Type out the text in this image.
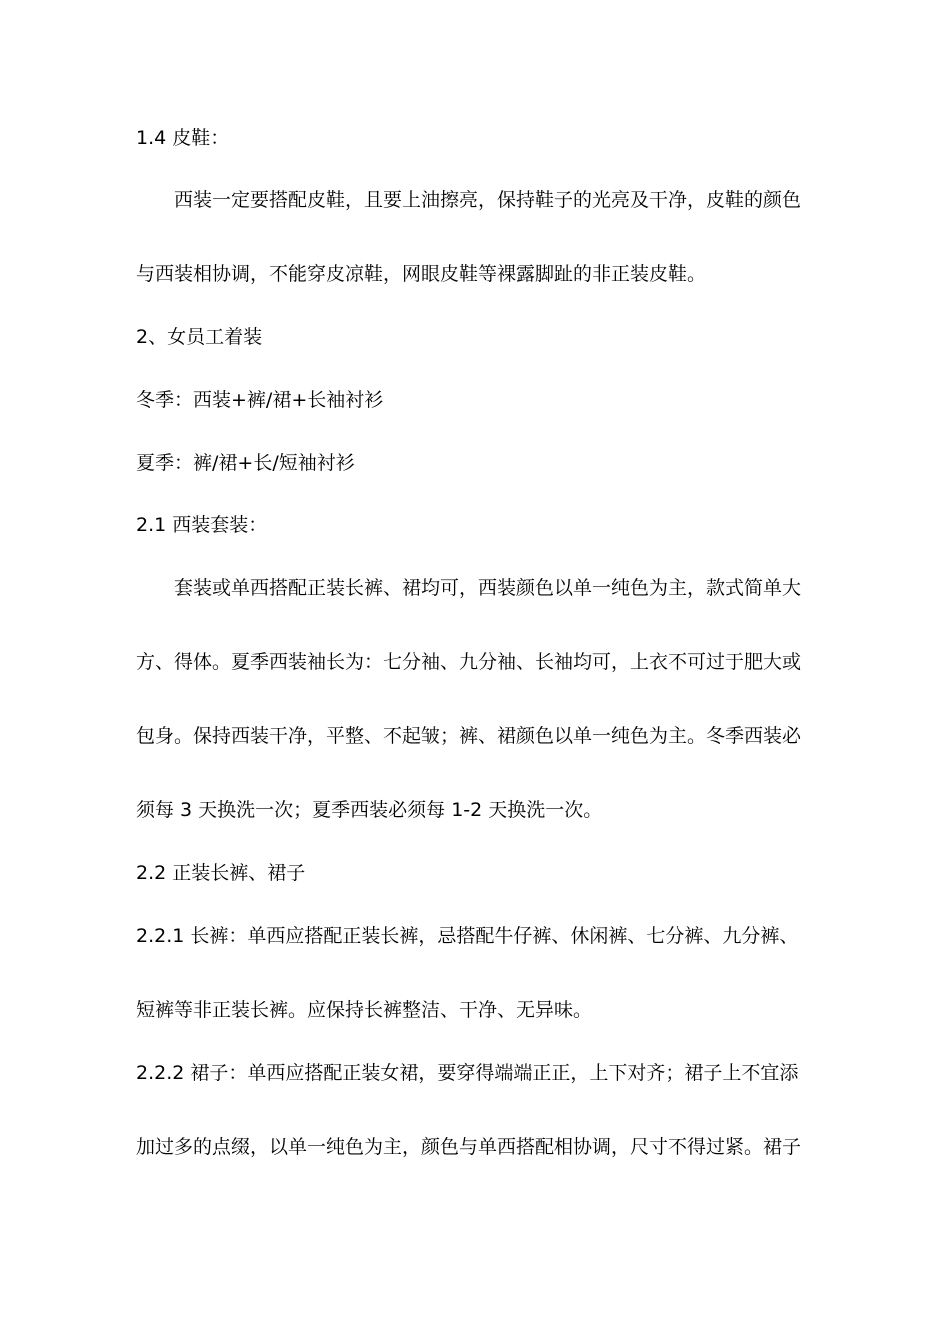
1.4 皮鞋：
西装一定要搭配皮鞋，且要上油擦亮，保持鞋子的光亮及干净，皮鞋的颜色
与西装相协调，不能穿皮凉鞋，网眼皮鞋等裸露脚趾的非正装皮鞋。
2、女员工着装
冬季：西装+裤/裙+长袖衬衫
夏季：裤/裙+长/短袖衬衫
2.1 西装套装：
套装或单西搭配正装长裤、裙均可，西装颜色以单一纯色为主，款式简单大
方、得体。夏季西装袖长为：七分袖、九分袖、长袖均可，上衣不可过于肥大或
包身。保持西装干净，平整、不起皱；裤、裙颜色以单一纯色为主。冬季西装必
须每 3 天换洗一次；夏季西装必须每 1-2 天换洗一次。
2.2 正装长裤、裙子
2.2.1 长裤：单西应搭配正装长裤，忌搭配牛仔裤、休闲裤、七分裤、九分裤、
短裤等非正装长裤。应保持长裤整洁、干净、无异味。
2.2.2 裙子：单西应搭配正装女裙，要穿得端端正正，上下对齐；裙子上不宜添
加过多的点缀，以单一纯色为主，颜色与单西搭配相协调，尺寸不得过紧。裙子
